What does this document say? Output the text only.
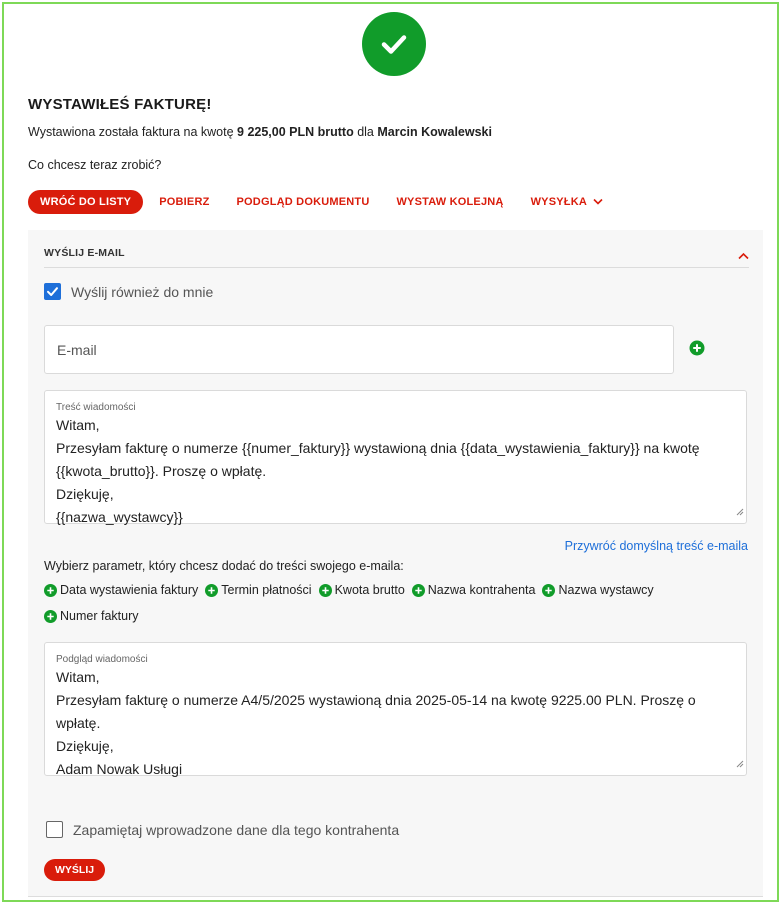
WYSTAWIŁEŚ FAKTURĘ!
Wystawiona została faktura na kwotę 9 225,00 PLN brutto dla Marcin Kowalewski
Co chcesz teraz zrobić?
WRÓĆ DO LISTY	POBIERZ PODGLĄD DOKUMENTU WYSTAW KOLEJNĄ WYSYŁKA
WYŚLIJ E-MAIL
Wyślij również do mnie
E-mail
Treść wiadomości
Witam,
Przesyłam fakturę o numerze {{numer_faktury}} wystawioną dnia {{data_wystawienia_faktury}} na kwotę {{kwota_brutto}}. Proszę o wpłatę.
Dziękuję,
{{nazwa_wystawcy}}
Przywróć domyślną treść e-maila
Wybierz parametr, który chcesz dodać do treści swojego e-maila:
Data wystawienia faktury Termin płatności Kwota brutto Nazwa kontrahenta Nazwa wystawcy
Numer faktury
Podgląd wiadomości
Witam,
Przesyłam fakturę o numerze A4/5/2025 wystawioną dnia 2025-05-14 na kwotę 9225.00 PLN. Proszę o wpłatę.
Dziękuję,
Adam Nowak Usługi
Zapamiętaj wprowadzone dane dla tego kontrahenta
WYŚLIJ
